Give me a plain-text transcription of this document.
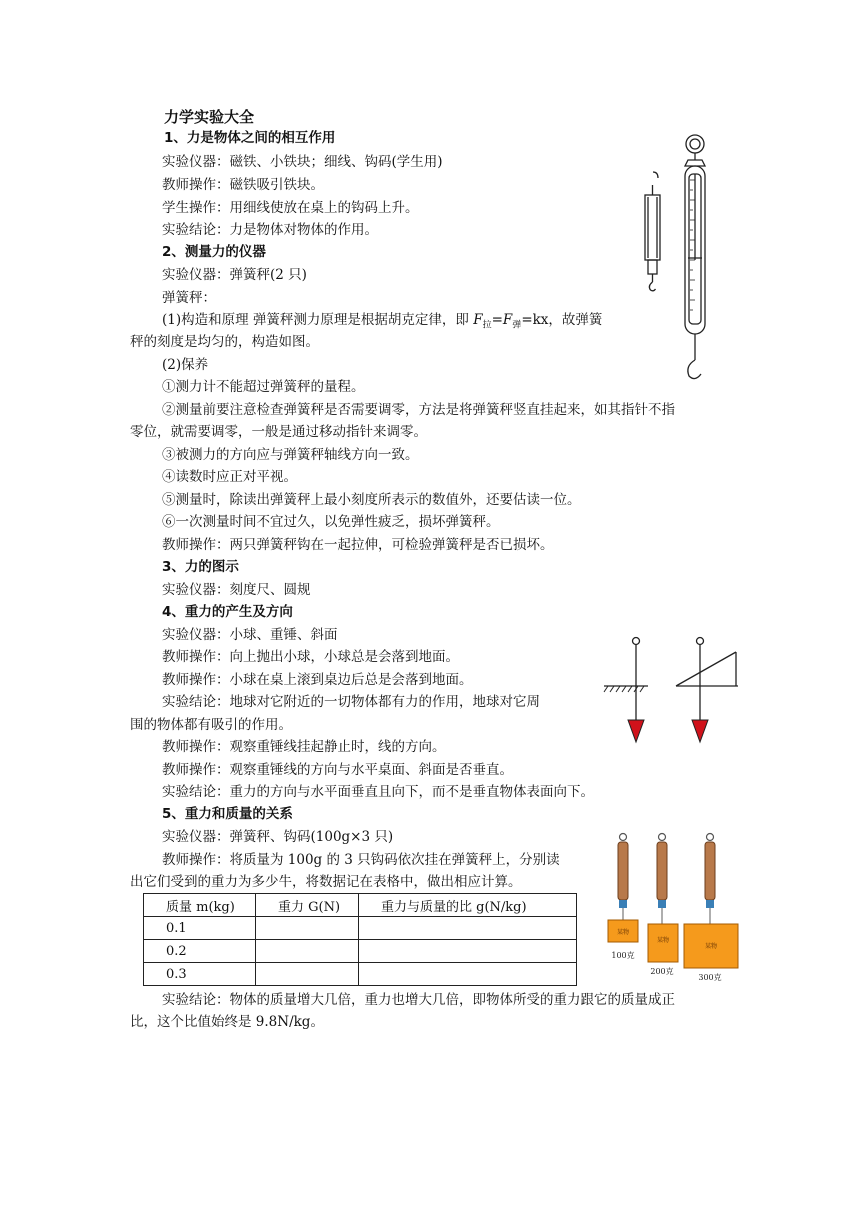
力学实验大全
1、力是物体之间的相互作用
实验仪器：磁铁、小铁块；细线、钩码(学生用)
教师操作：磁铁吸引铁块。
学生操作：用细线使放在桌上的钩码上升。
实验结论：力是物体对物体的作用。
2、测量力的仪器
实验仪器：弹簧秤(2 只)
弹簧秤：
(1)构造和原理 弹簧秤测力原理是根据胡克定律，即 $F_拉=F_弹=kx$，故弹簧
秤的刻度是均匀的，构造如图。
(2)保养
①测力计不能超过弹簧秤的量程。
②测量前要注意检查弹簧秤是否需要调零，方法是将弹簧秤竖直挂起来，如其指针不指
零位，就需要调零，一般是通过移动指针来调零。
③被测力的方向应与弹簧秤轴线方向一致。
④读数时应正对平视。
⑤测量时，除读出弹簧秤上最小刻度所表示的数值外，还要估读一位。
⑥一次测量时间不宜过久，以免弹性疲乏，损坏弹簧秤。
教师操作：两只弹簧秤钩在一起拉伸，可检验弹簧秤是否已损坏。
3、力的图示
实验仪器：刻度尺、圆规
4、重力的产生及方向
实验仪器：小球、重锤、斜面
教师操作：向上抛出小球，小球总是会落到地面。
教师操作：小球在桌上滚到桌边后总是会落到地面。
实验结论：地球对它附近的一切物体都有力的作用，地球对它周
围的物体都有吸引的作用。
教师操作：观察重锤线挂起静止时，线的方向。
教师操作：观察重锤线的方向与水平桌面、斜面是否垂直。
实验结论：重力的方向与水平面垂直且向下，而不是垂直物体表面向下。
5、重力和质量的关系
实验仪器：弹簧秤、钩码(100g×3 只)
教师操作：将质量为 100g 的 3 只钩码依次挂在弹簧秤上，分别读
出它们受到的重力为多少牛，将数据记在表格中，做出相应计算。
质量 m(kg)	重力 G(N)	重力与质量的比 g(N/kg)
0.1		
0.2		
0.3		
实验结论：物体的质量增大几倍，重力也增大几倍，即物体所受的重力跟它的质量成正
比，这个比值始终是 9.8N/kg。
某物
100克
某物
200克
某物
300克
